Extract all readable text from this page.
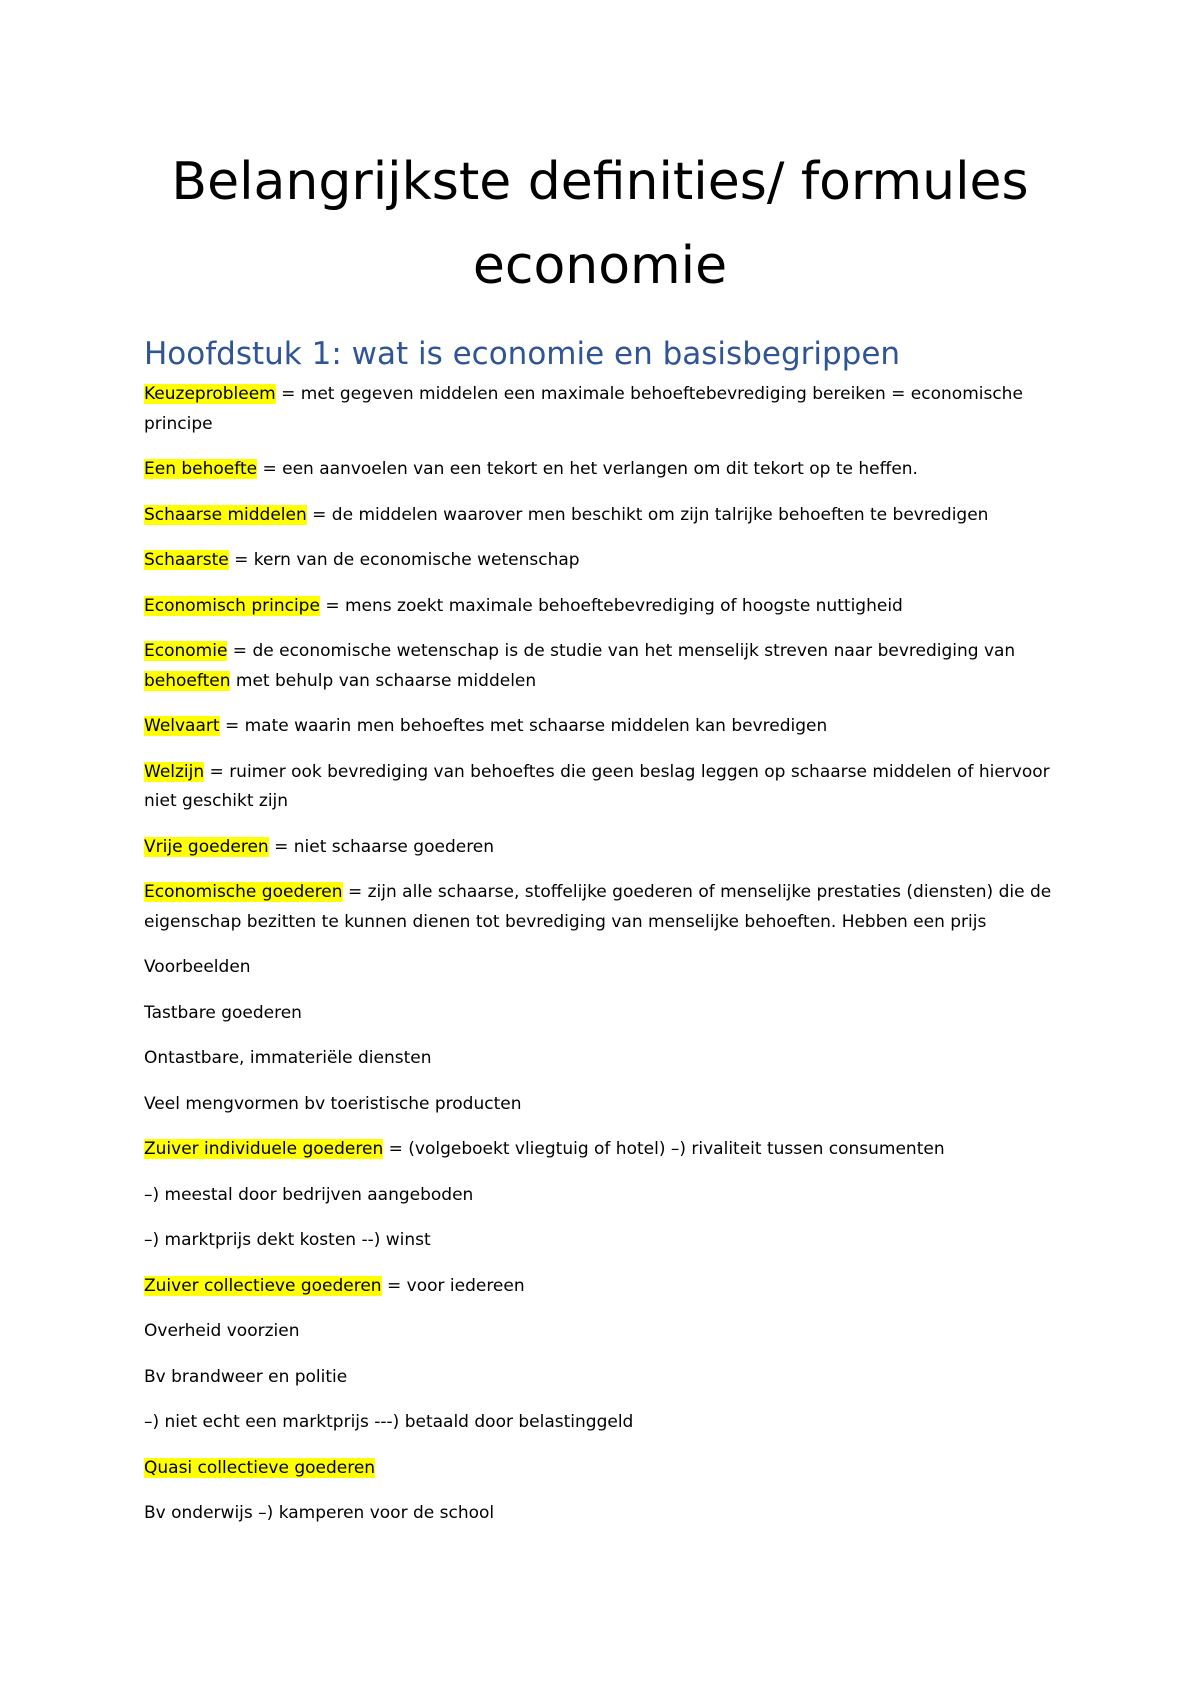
Belangrijkste definities/ formules
economie
Hoofdstuk 1: wat is economie en basisbegrippen

Keuzeprobleem = met gegeven middelen een maximale behoeftebevrediging bereiken = economische principe

Een behoefte = een aanvoelen van een tekort en het verlangen om dit tekort op te heffen.

Schaarse middelen = de middelen waarover men beschikt om zijn talrijke behoeften te bevredigen

Schaarste = kern van de economische wetenschap

Economisch principe = mens zoekt maximale behoeftebevrediging of hoogste nuttigheid

Economie = de economische wetenschap is de studie van het menselijk streven naar bevrediging van behoeften met behulp van schaarse middelen

Welvaart = mate waarin men behoeftes met schaarse middelen kan bevredigen

Welzijn = ruimer ook bevrediging van behoeftes die geen beslag leggen op schaarse middelen of hiervoor niet geschikt zijn

Vrije goederen = niet schaarse goederen

Economische goederen = zijn alle schaarse, stoffelijke goederen of menselijke prestaties (diensten) die de eigenschap bezitten te kunnen dienen tot bevrediging van menselijke behoeften. Hebben een prijs

Voorbeelden

Tastbare goederen

Ontastbare, immateriële diensten

Veel mengvormen bv toeristische producten

Zuiver individuele goederen = (volgeboekt vliegtuig of hotel) –) rivaliteit tussen consumenten

–) meestal door bedrijven aangeboden

–) marktprijs dekt kosten --) winst

Zuiver collectieve goederen = voor iedereen

Overheid voorzien

Bv brandweer en politie

–) niet echt een marktprijs ---) betaald door belastinggeld

Quasi collectieve goederen

Bv onderwijs –) kamperen voor de school
